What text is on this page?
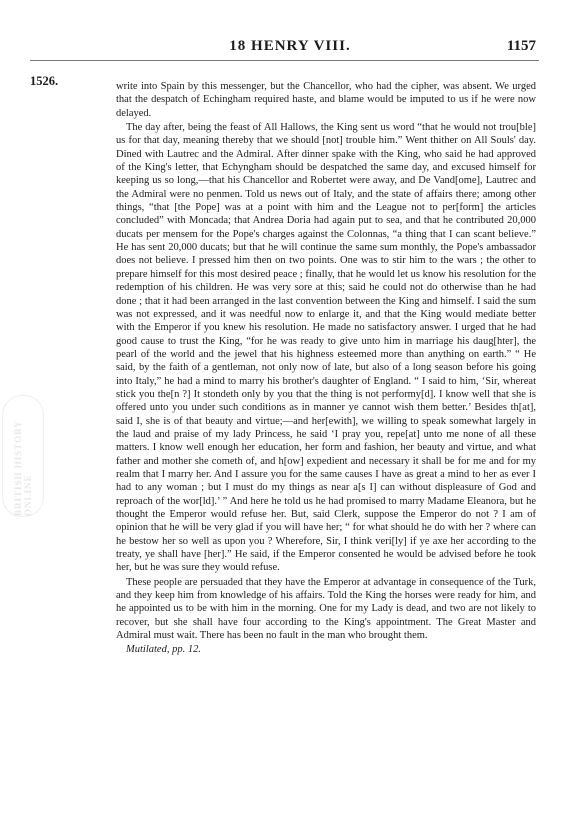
18 HENRY VIII.	1157
1526.
BRITISH HISTORY ONLINE

write into Spain by this messenger, but the Chancellor, who had the cipher, was absent. We urged that the despatch of Echingham required haste, and blame would be imputed to us if he were now delayed.

The day after, being the feast of All Hallows, the King sent us word “that he would not trou[ble] us for that day, meaning thereby that we should [not] trouble him.” Went thither on All Souls' day. Dined with Lautrec and the Admiral. After dinner spake with the King, who said he had approved of the King's letter, that Echyngham should be despatched the same day, and excused himself for keeping us so long,—that his Chancellor and Robertet were away, and De Vand[ome], Lautrec and the Admiral were no penmen. Told us news out of Italy, and the state of affairs there; among other things, “that [the Pope] was at a point with him and the League not to per[form] the articles concluded” with Moncada; that Andrea Doria had again put to sea, and that he contributed 20,000 ducats per mensem for the Pope's charges against the Colonnas, “a thing that I can scant believe.” He has sent 20,000 ducats; but that he will continue the same sum monthly, the Pope's ambassador does not believe. I pressed him then on two points. One was to stir him to the wars ; the other to prepare himself for this most desired peace ; finally, that he would let us know his resolution for the redemption of his children. He was very sore at this; said he could not do otherwise than he had done ; that it had been arranged in the last convention between the King and himself. I said the sum was not expressed, and it was needful now to enlarge it, and that the King would mediate better with the Emperor if you knew his resolution. He made no satisfactory answer. I urged that he had good cause to trust the King, “for he was ready to give unto him in marriage his daug[hter], the pearl of the world and the jewel that his highness esteemed more than anything on earth.” “ He said, by the faith of a gentleman, not only now of late, but also of a long season before his going into Italy,” he had a mind to marry his brother's daughter of England. “ I said to him, ‘Sir, whereat stick you the[n ?] It stondeth only by you that the thing is not performy[d]. I know well that she is offered unto you under such conditions as in manner ye cannot wish them better.’ Besides th[at], said I, she is of that beauty and virtue;—and her[ewith], we willing to speak somewhat largely in the laud and praise of my lady Princess, he said ‘I pray you, repe[at] unto me none of all these matters. I know well enough her education, her form and fashion, her beauty and virtue, and what father and mother she cometh of, and h[ow] expedient and necessary it shall be for me and for my realm that I marry her. And I assure you for the same causes I have as great a mind to her as ever I had to any woman ; but I must do my things as near a[s I] can without displeasure of God and reproach of the wor[ld].’ ” And here he told us he had promised to marry Madame Eleanora, but he thought the Emperor would refuse her. But, said Clerk, suppose the Emperor do not ? I am of opinion that he will be very glad if you will have her; “ for what should he do with her ? where can he bestow her so well as upon you ? Wherefore, Sir, I think veri[ly] if ye axe her according to the treaty, ye shall have [her].” He said, if the Emperor consented he would be advised before he took her, but he was sure they would refuse.

These people are persuaded that they have the Emperor at advantage in consequence of the Turk, and they keep him from knowledge of his affairs. Told the King the horses were ready for him, and he appointed us to be with him in the morning. One for my Lady is dead, and two are not likely to recover, but she shall have four according to the King's appointment. The Great Master and Admiral must wait. There has been no fault in the man who brought them.

Mutilated, pp. 12.
